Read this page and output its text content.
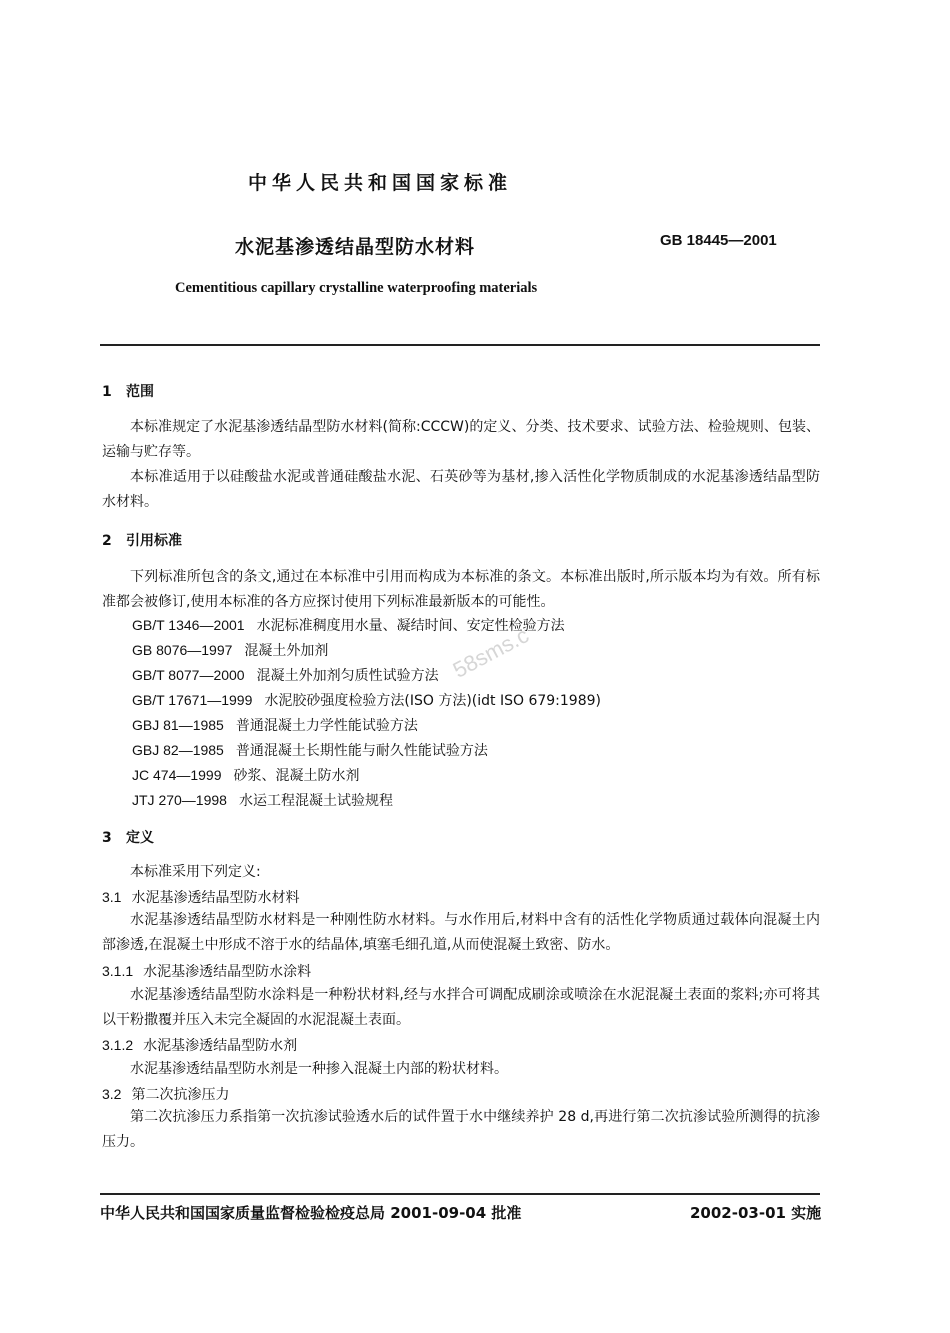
中华人民共和国国家标准
水泥基渗透结晶型防水材料	GB 18445—2001
Cementitious capillary crystalline waterproofing materials
58sms.c
1 范围
本标准规定了水泥基渗透结晶型防水材料(简称:CCCW)的定义、分类、技术要求、试验方法、检验规则、包装、运输与贮存等。
本标准适用于以硅酸盐水泥或普通硅酸盐水泥、石英砂等为基材,掺入活性化学物质制成的水泥基渗透结晶型防水材料。
2 引用标准
下列标准所包含的条文,通过在本标准中引用而构成为本标准的条文。本标准出版时,所示版本均为有效。所有标准都会被修订,使用本标准的各方应探讨使用下列标准最新版本的可能性。
GB/T 1346—2001 水泥标准稠度用水量、凝结时间、安定性检验方法
GB 8076—1997 混凝土外加剂
GB/T 8077—2000 混凝土外加剂匀质性试验方法
GB/T 17671—1999 水泥胶砂强度检验方法(ISO 方法)(idt ISO 679:1989)
GBJ 81—1985 普通混凝土力学性能试验方法
GBJ 82—1985 普通混凝土长期性能与耐久性能试验方法
JC 474—1999 砂浆、混凝土防水剂
JTJ 270—1998 水运工程混凝土试验规程
3 定义
本标准采用下列定义:
3.1 水泥基渗透结晶型防水材料
水泥基渗透结晶型防水材料是一种刚性防水材料。与水作用后,材料中含有的活性化学物质通过载体向混凝土内部渗透,在混凝土中形成不溶于水的结晶体,填塞毛细孔道,从而使混凝土致密、防水。
3.1.1 水泥基渗透结晶型防水涂料
水泥基渗透结晶型防水涂料是一种粉状材料,经与水拌合可调配成刷涂或喷涂在水泥混凝土表面的浆料;亦可将其以干粉撒覆并压入未完全凝固的水泥混凝土表面。
3.1.2 水泥基渗透结晶型防水剂
水泥基渗透结晶型防水剂是一种掺入混凝土内部的粉状材料。
3.2 第二次抗渗压力
第二次抗渗压力系指第一次抗渗试验透水后的试件置于水中继续养护 28 d,再进行第二次抗渗试验所测得的抗渗压力。
中华人民共和国国家质量监督检验检疫总局 2001-09-04 批准	2002-03-01 实施
